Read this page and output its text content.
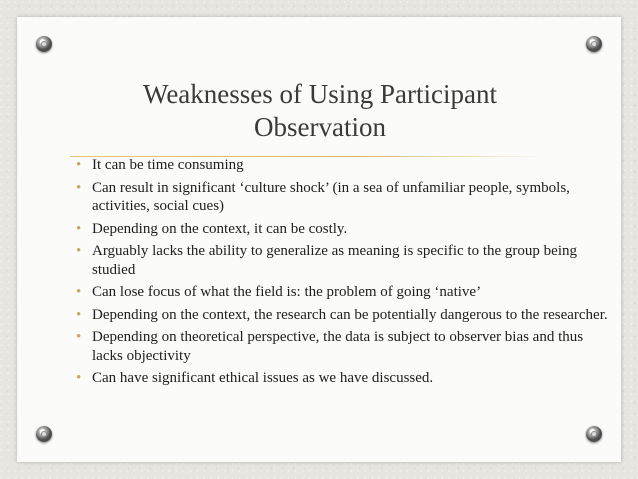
Weaknesses of Using Participant
Observation
• It can be time consuming
• Can result in significant ‘culture shock’ (in a sea of unfamiliar people, symbols, activities, social cues)
• Depending on the context, it can be costly.
• Arguably lacks the ability to generalize as meaning is specific to the group being studied
• Can lose focus of what the field is: the problem of going ‘native’
• Depending on the context, the research can be potentially dangerous to the researcher.
• Depending on theoretical perspective, the data is subject to observer bias and thus lacks objectivity
• Can have significant ethical issues as we have discussed.
